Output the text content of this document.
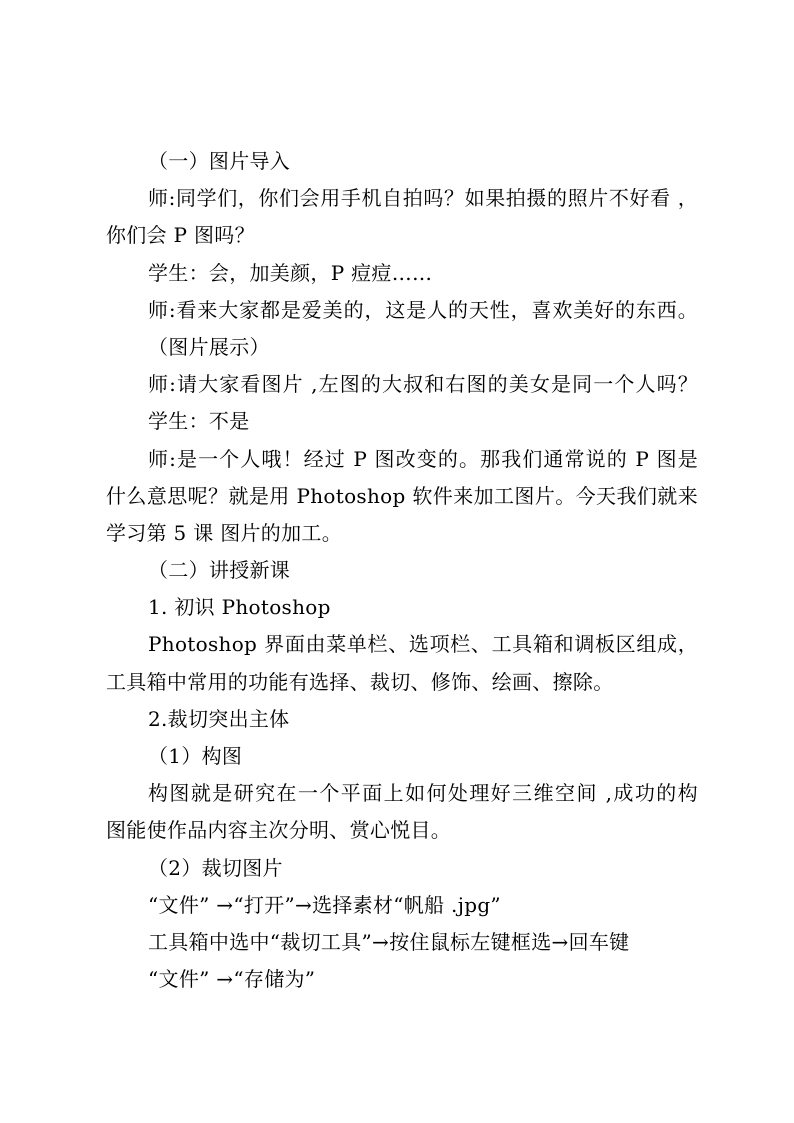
（一）图片导入
师:同学们，你们会用手机自拍吗？如果拍摄的照片不好看 ，
你们会 P 图吗？
学生：会，加美颜，P 痘痘……
师:看来大家都是爱美的，这是人的天性，喜欢美好的东西。
（图片展示）
师:请大家看图片 ,左图的大叔和右图的美女是同一个人吗？
学生：不是
师:是一个人哦！经过 P 图改变的。那我们通常说的 P 图是
什么意思呢？就是用 Photoshop 软件来加工图片。今天我们就来
学习第 5 课 图片的加工。
（二）讲授新课
1. 初识 Photoshop
Photoshop 界面由菜单栏、选项栏、工具箱和调板区组成，
工具箱中常用的功能有选择、裁切、修饰、绘画、擦除。
2.裁切突出主体
（1）构图
构图就是研究在一个平面上如何处理好三维空间 ,成功的构
图能使作品内容主次分明、赏心悦目。
（2）裁切图片
“文件” →“打开”→选择素材“帆船 .jpg”
工具箱中选中“裁切工具”→按住鼠标左键框选→回车键
“文件” →“存储为”
